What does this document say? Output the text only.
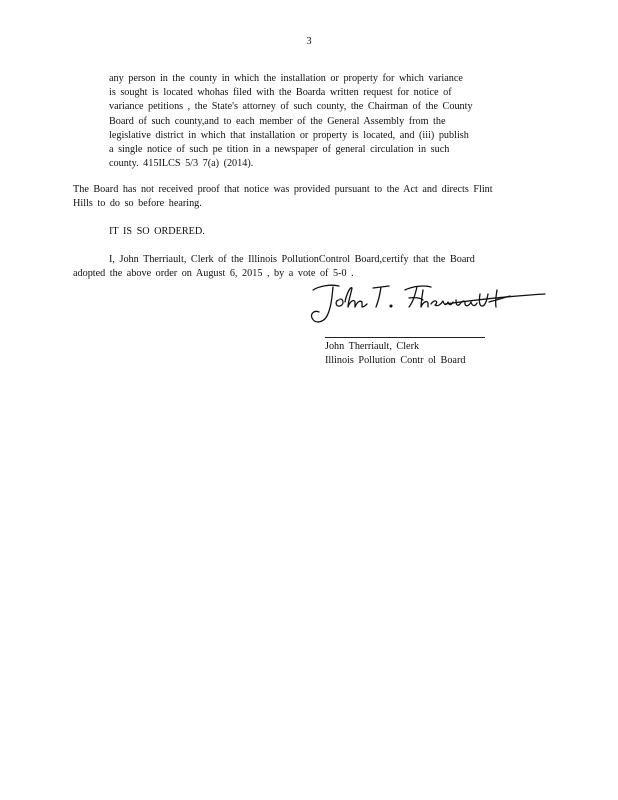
3
any person in the county in which the installation or property for which variance
is sought is located whohas filed with the Boarda written request for notice of
variance petitions , the State's attorney of such county, the Chairman of the County
Board of such county,and to each member of the General Assembly from the
legislative district in which that installation or property is located, and (iii) publish
a single notice of such pe tition in a newspaper of general circulation in such
county. 415ILCS 5/3 7(a) (2014).
The Board has not received proof that notice was provided pursuant to the Act and directs Flint
Hills to do so before hearing.
IT IS SO ORDERED.
I, John Therriault, Clerk of the Illinois PollutionControl Board,certify that the Board
adopted the above order on August 6, 2015 , by a vote of 5-0 .
John Therriault, Clerk
Illinois Pollution Contr ol Board
